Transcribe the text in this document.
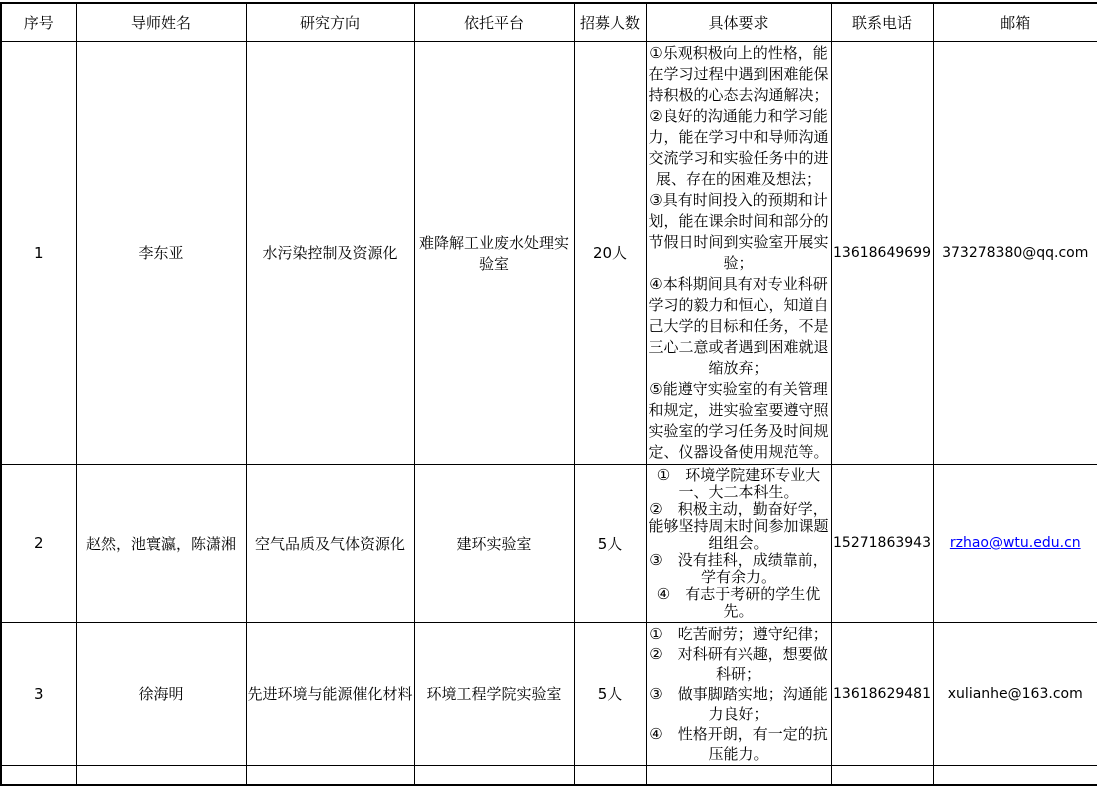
序号	导师姓名	研究方向	依托平台	招募人数	具体要求	联系电话	邮箱
1	李东亚	水污染控制及资源化	难降解工业废水处理实验室	20人	①乐观积极向上的性格，能在学习过程中遇到困难能保持积极的心态去沟通解决；
②良好的沟通能力和学习能力，能在学习中和导师沟通交流学习和实验任务中的进展、存在的困难及想法；
③具有时间投入的预期和计划，能在课余时间和部分的节假日时间到实验室开展实验；
④本科期间具有对专业科研学习的毅力和恒心，知道自己大学的目标和任务，不是三心二意或者遇到困难就退缩放弃；
⑤能遵守实验室的有关管理和规定，进实验室要遵守照实验室的学习任务及时间规定、仪器设备使用规范等。	13618649699	373278380@qq.com
2	赵然，池寰瀛，陈潇湘	空气品质及气体资源化	建环实验室	5人	①　环境学院建环专业大一、大二本科生。
②　积极主动，勤奋好学，能够坚持周末时间参加课题组组会。
③　没有挂科，成绩靠前，学有余力。
④　有志于考研的学生优先。	15271863943	rzhao@wtu.edu.cn
3	徐海明	先进环境与能源催化材料	环境工程学院实验室	5人	①　吃苦耐劳；遵守纪律；
②　对科研有兴趣，想要做科研；
③　做事脚踏实地；沟通能力良好；
④　性格开朗，有一定的抗压能力。	13618629481	xulianhe@163.com
